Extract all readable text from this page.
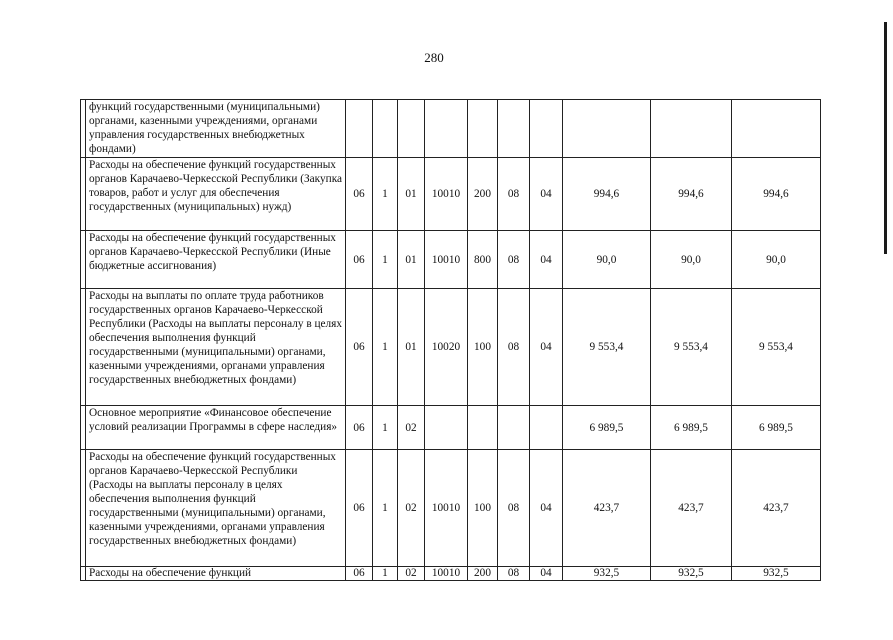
280
	функций государственными (муниципальными) органами, казенными учреждениями, органами управления государственных внебюджетных фондами)										
	Расходы на обеспечение функций государственных органов Карачаево-Черкесской Республики (Закупка товаров, работ и услуг для обеспечения государственных (муниципальных) нужд)	06	1	01	10010	200	08	04	994,6	994,6	994,6
	Расходы на обеспечение функций государственных органов Карачаево-Черкесской Республики (Иные бюджетные ассигнования)	06	1	01	10010	800	08	04	90,0	90,0	90,0
	Расходы на выплаты по оплате труда работников государственных органов Карачаево-Черкесской Республики (Расходы на выплаты персоналу в целях обеспечения выполнения функций государственными (муниципальными) органами, казенными учреждениями, органами управления государственных внебюджетных фондами)	06	1	01	10020	100	08	04	9 553,4	9 553,4	9 553,4
	Основное мероприятие «Финансовое обеспечение условий реализации Программы в сфере наследия»	06	1	02					6 989,5	6 989,5	6 989,5
	Расходы на обеспечение функций государственных органов Карачаево-Черкесской Республики (Расходы на выплаты персоналу в целях обеспечения выполнения функций государственными (муниципальными) органами, казенными учреждениями, органами управления государственных внебюджетных фондами)	06	1	02	10010	100	08	04	423,7	423,7	423,7
	Расходы на обеспечение функций	06	1	02	10010	200	08	04	932,5	932,5	932,5
